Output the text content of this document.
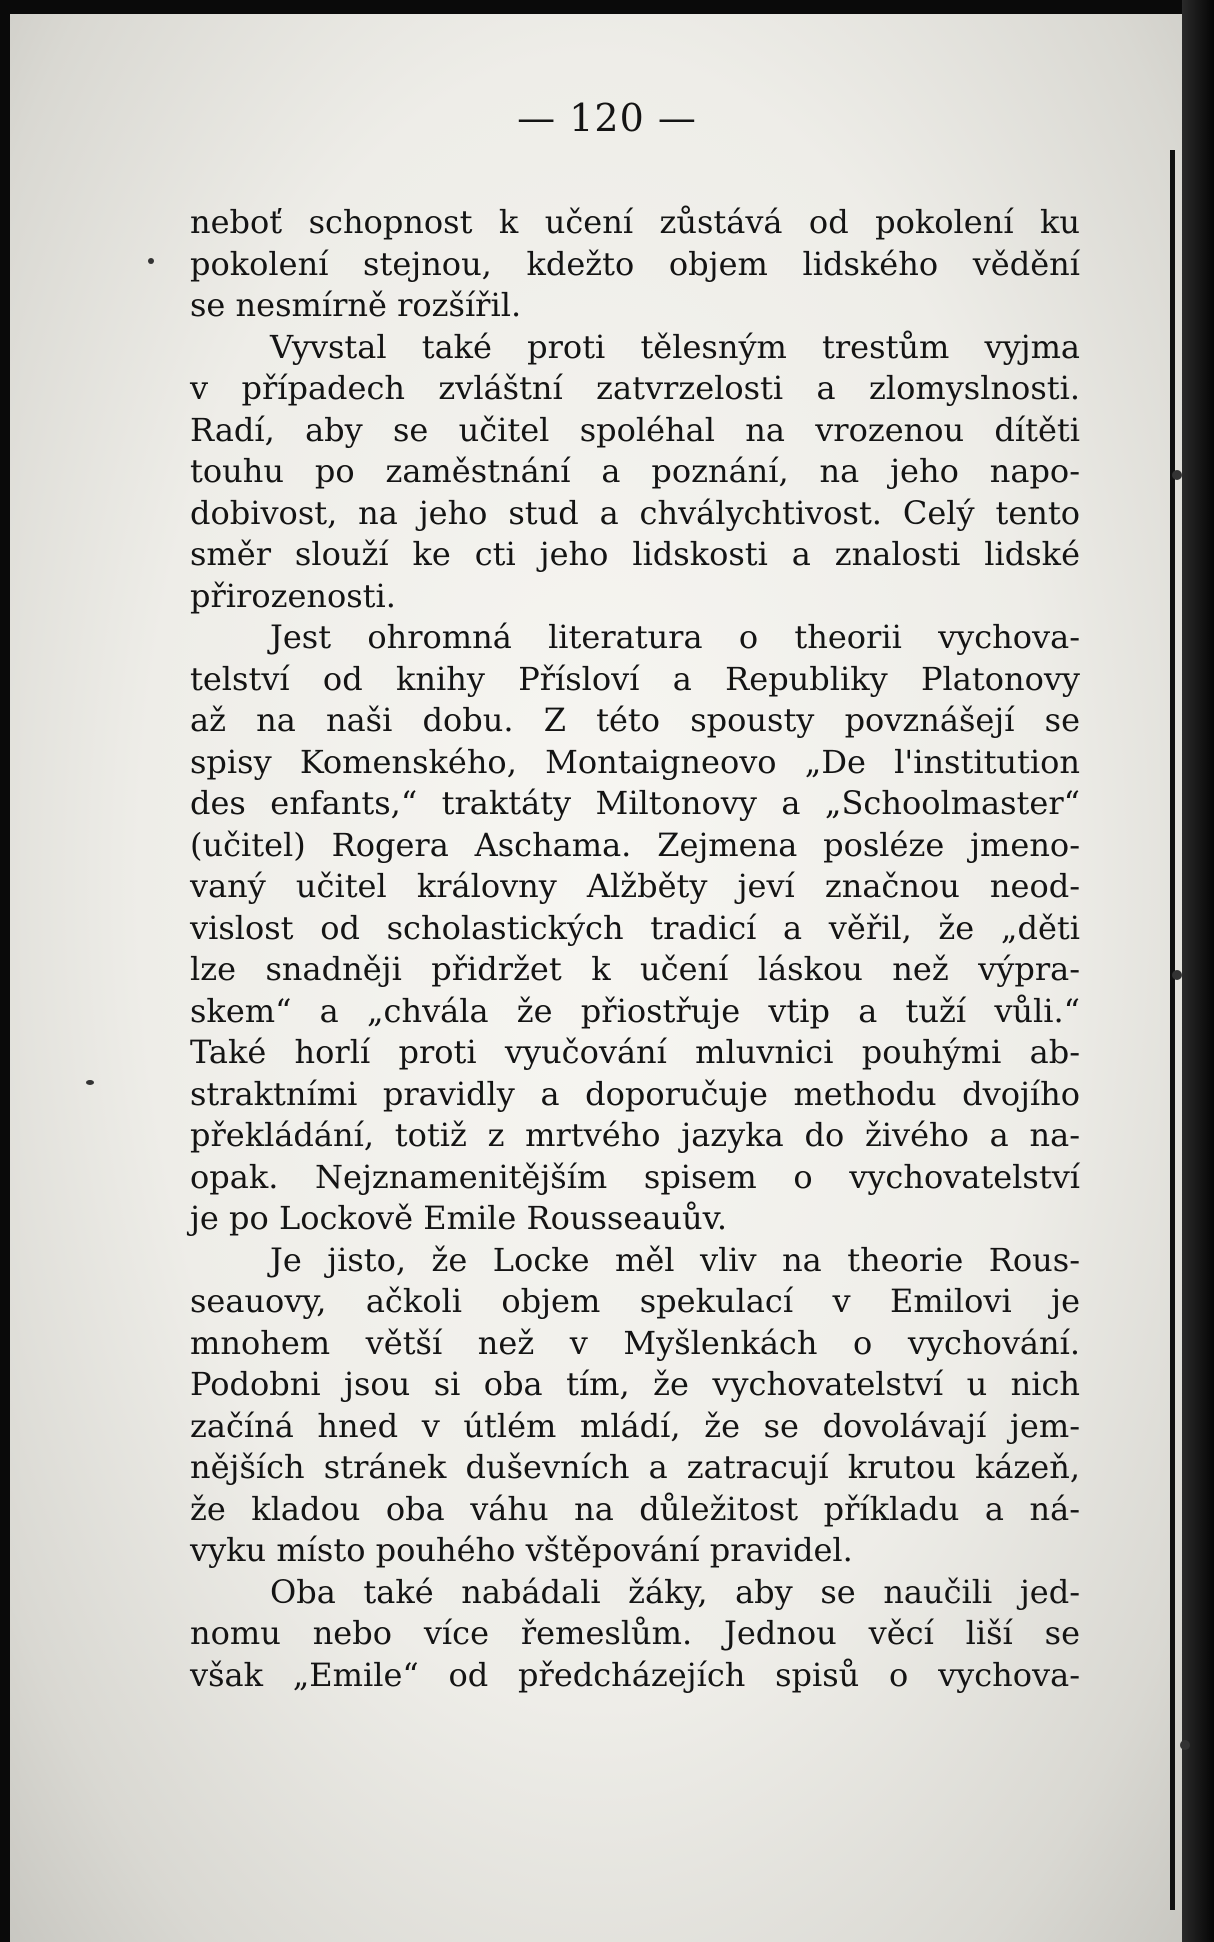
— 120 —
neboť schopnost k učení zůstává od pokolení ku
pokolení stejnou, kdežto objem lidského vědění
se nesmírně rozšířil.
Vyvstal také proti tělesným trestům vyjma
v případech zvláštní zatvrzelosti a zlomyslnosti.
Radí, aby se učitel spoléhal na vrozenou dítěti
touhu po zaměstnání a poznání, na jeho napo-
dobivost, na jeho stud a chválychtivost. Celý tento
směr slouží ke cti jeho lidskosti a znalosti lidské
přirozenosti.
Jest ohromná literatura o theorii vychova-
telství od knihy Přísloví a Republiky Platonovy
až na naši dobu. Z této spousty povznášejí se
spisy Komenského, Montaigneovo „De l'institution
des enfants,“ traktáty Miltonovy a „Schoolmaster“
(učitel) Rogera Aschama. Zejmena posléze jmeno-
vaný učitel královny Alžběty jeví značnou neod-
vislost od scholastických tradicí a věřil, že „děti
lze snadněji přidržet k učení láskou než výpra-
skem“ a „chvála že přiostřuje vtip a tuží vůli.“
Také horlí proti vyučování mluvnici pouhými ab-
straktními pravidly a doporučuje methodu dvojího
překládání, totiž z mrtvého jazyka do živého a na-
opak. Nejznamenitějším spisem o vychovatelství
je po Lockově Emile Rousseauův.
Je jisto, že Locke měl vliv na theorie Rous-
seauovy, ačkoli objem spekulací v Emilovi je
mnohem větší než v Myšlenkách o vychování.
Podobni jsou si oba tím, že vychovatelství u nich
začíná hned v útlém mládí, že se dovolávají jem-
nějších stránek duševních a zatracují krutou kázeň,
že kladou oba váhu na důležitost příkladu a ná-
vyku místo pouhého vštěpování pravidel.
Oba také nabádali žáky, aby se naučili jed-
nomu nebo více řemeslům. Jednou věcí liší se
však „Emile“ od předcházejích spisů o vychova-
